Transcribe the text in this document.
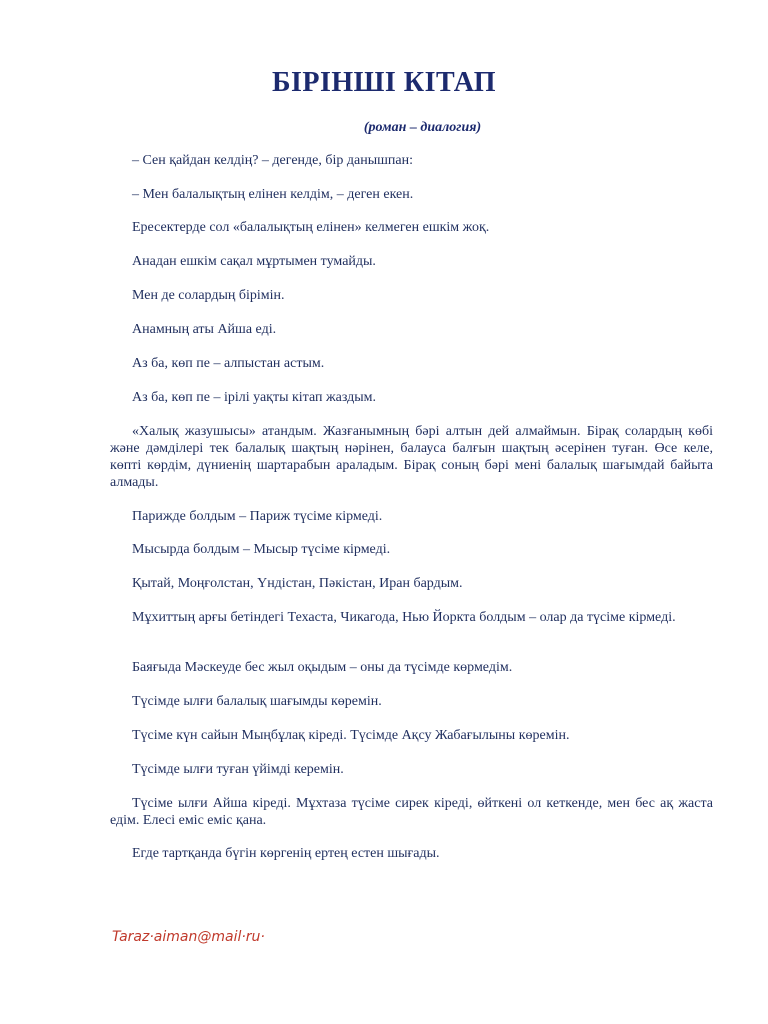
БІРІНШІ КІТАП
(роман – диалогия)
– Сен қайдан келдің? – дегенде, бір данышпан:
– Мен балалықтың елінен келдім, – деген екен.
Ересектерде сол «балалықтың елінен» келмеген ешкім жоқ.
Анадан ешкім сақал мұртымен тумайды.
Мен де солардың бірімін.
Анамның аты Айша еді.
Аз ба, көп пе – алпыстан астым.
Аз ба, көп пе – ірілі уақты кітап жаздым.
«Халық жазушысы» атандым. Жазғанымның бәрі алтын дей алмаймын. Бірақ солардың көбі және дәмділері тек балалық шақтың нәрінен, балауса балғын шақтың әсерінен туған. Өсе келе, көпті көрдім, дүниенің шартарабын араладым. Бірақ соның бәрі мені балалық шағымдай байыта алмады.
Парижде болдым – Париж түсіме кірмеді.
Мысырда болдым – Мысыр түсіме кірмеді.
Қытай, Моңғолстан, Үндістан, Пәкістан, Иран бардым.
Мұхиттың арғы бетіндегі Техаста, Чикагода, Нью Йоркта болдым – олар да түсіме кірмеді.
Баяғыда Мәскеуде бес жыл оқыдым – оны да түсімде көрмедім.
Түсімде ылғи балалық шағымды көремін.
Түсіме күн сайын Мыңбұлақ кіреді. Түсімде Ақсу Жабағылыны көремін.
Түсімде ылғи туған үйімді керемін.
Түсіме ылғи Айша кіреді. Мұхтаза түсіме сирек кіреді, өйткені ол кеткенде, мен бес ақ жаста едім. Елесі еміс еміс қана.
Егде тартқанда бүгін көргенің ертең естен шығады.
Taraz·aiman@mail·ru·
